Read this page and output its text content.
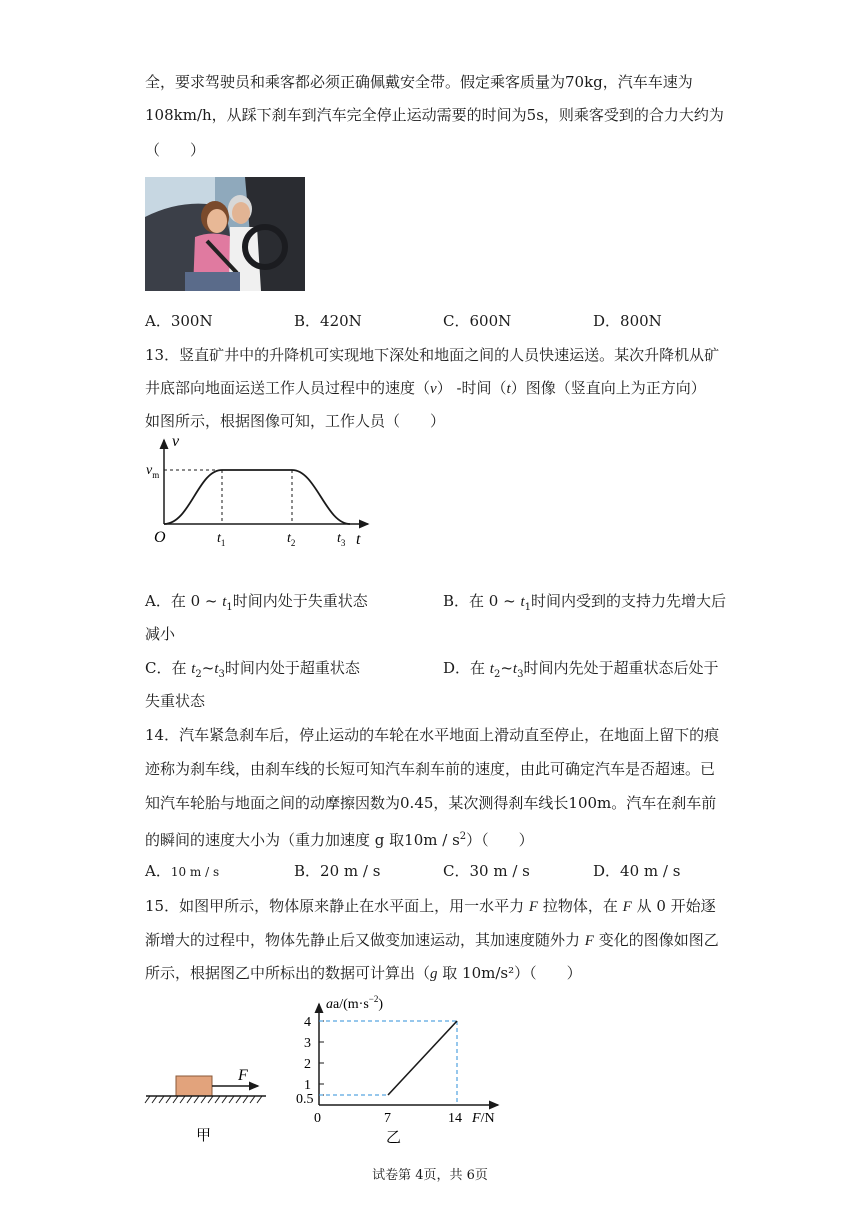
全，要求驾驶员和乘客都必须正确佩戴安全带。假定乘客质量为70kg，汽车车速为
108km/h，从踩下刹车到汽车完全停止运动需要的时间为5s，则乘客受到的合力大约为
（　　）
A．300N	B．420N	C．600N	D．800N
13．竖直矿井中的升降机可实现地下深处和地面之间的人员快速运送。某次升降机从矿
井底部向地面运送工作人员过程中的速度（v） -时间（t）图像（竖直向上为正方向）
如图所示，根据图像可知，工作人员（　　）
v
$v_m$
O	t
$t_1$	$t_2$	$t_3$
A．在 0 ~ $t_1$时间内处于失重状态	B．在 0 ~ $t_1$时间内受到的支持力先增大后
减小
C．在 $t_2\sim t_3$时间内处于超重状态	D．在 $t_2\sim t_3$时间内先处于超重状态后处于
失重状态
14．汽车紧急刹车后，停止运动的车轮在水平地面上滑动直至停止，在地面上留下的痕
迹称为刹车线，由刹车线的长短可知汽车刹车前的速度，由此可确定汽车是否超速。已
知汽车轮胎与地面之间的动摩擦因数为0.45，某次测得刹车线长100m。汽车在刹车前
的瞬间的速度大小为（重力加速度 g 取$10m / s^2$）（　　）
A．10 m / s	B．20 m / s	C．30 m / s	D．40 m / s
15．如图甲所示，物体原来静止在水平面上，用一水平力 F 拉物体，在 F 从 0 开始逐
渐增大的过程中，物体先静止后又做变加速运动，其加速度随外力 F 变化的图像如图乙
所示，根据图乙中所标出的数据可计算出（g 取 10m/s²）（　　）
F
甲
$aa/(m\cdot s^{-2})$
4
3
2
1
0.5
0	7	14 F/N
乙
试卷第 4页，共 6页
